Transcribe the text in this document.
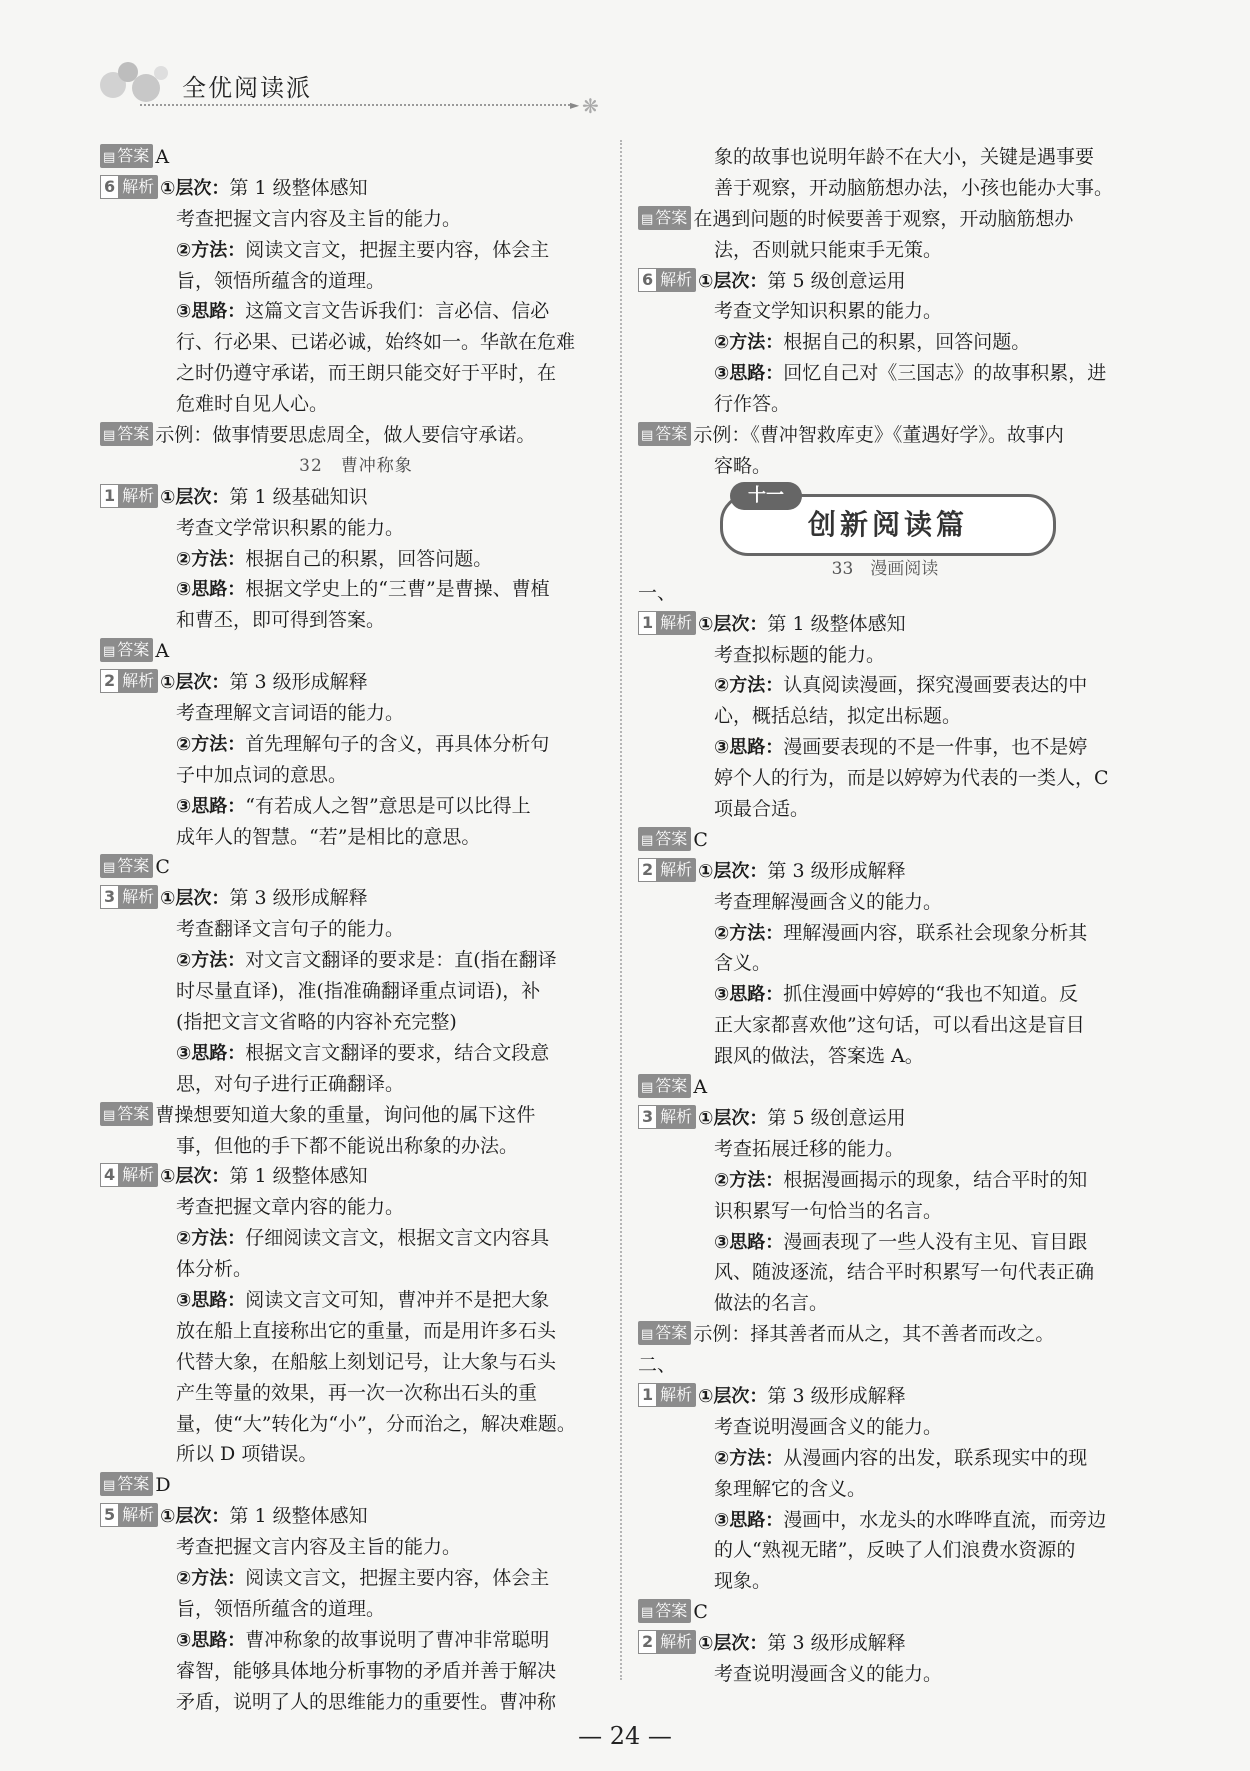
全优阅读派
► ❋
▤ 答案 A
6 解析 ①层次：第 1 级整体感知
考查把握文言内容及主旨的能力。
②方法：阅读文言文，把握主要内容，体会主
旨，领悟所蕴含的道理。
③思路：这篇文言文告诉我们：言必信、信必
行、行必果、已诺必诚，始终如一。华歆在危难
之时仍遵守承诺，而王朗只能交好于平时，在
危难时自见人心。
▤ 答案 示例：做事情要思虑周全，做人要信守承诺。
32 曹冲称象
1 解析 ①层次：第 1 级基础知识
考查文学常识积累的能力。
②方法：根据自己的积累，回答问题。
③思路：根据文学史上的“三曹”是曹操、曹植
和曹丕，即可得到答案。
▤ 答案 A
2 解析 ①层次：第 3 级形成解释
考查理解文言词语的能力。
②方法：首先理解句子的含义，再具体分析句
子中加点词的意思。
③思路：“有若成人之智”意思是可以比得上
成年人的智慧。“若”是相比的意思。
▤ 答案 C
3 解析 ①层次：第 3 级形成解释
考查翻译文言句子的能力。
②方法：对文言文翻译的要求是：直(指在翻译
时尽量直译)，准(指准确翻译重点词语)，补
(指把文言文省略的内容补充完整)
③思路：根据文言文翻译的要求，结合文段意
思，对句子进行正确翻译。
▤ 答案 曹操想要知道大象的重量，询问他的属下这件
事，但他的手下都不能说出称象的办法。
4 解析 ①层次：第 1 级整体感知
考查把握文章内容的能力。
②方法：仔细阅读文言文，根据文言文内容具
体分析。
③思路：阅读文言文可知，曹冲并不是把大象
放在船上直接称出它的重量，而是用许多石头
代替大象，在船舷上刻划记号，让大象与石头
产生等量的效果，再一次一次称出石头的重
量，使“大”转化为“小”，分而治之，解决难题。
所以 D 项错误。
▤ 答案 D
5 解析 ①层次：第 1 级整体感知
考查把握文言内容及主旨的能力。
②方法：阅读文言文，把握主要内容，体会主
旨，领悟所蕴含的道理。
③思路：曹冲称象的故事说明了曹冲非常聪明
睿智，能够具体地分析事物的矛盾并善于解决
矛盾，说明了人的思维能力的重要性。曹冲称
象的故事也说明年龄不在大小，关键是遇事要
善于观察，开动脑筋想办法，小孩也能办大事。
▤ 答案 在遇到问题的时候要善于观察，开动脑筋想办
法，否则就只能束手无策。
6 解析 ①层次：第 5 级创意运用
考查文学知识积累的能力。
②方法：根据自己的积累，回答问题。
③思路：回忆自己对《三国志》的故事积累，进
行作答。
▤ 答案 示例：《曹冲智救库吏》《董遇好学》。故事内
容略。
创新阅读篇
十一
33 漫画阅读
一、
1 解析 ①层次：第 1 级整体感知
考查拟标题的能力。
②方法：认真阅读漫画，探究漫画要表达的中
心，概括总结，拟定出标题。
③思路：漫画要表现的不是一件事，也不是婷
婷个人的行为，而是以婷婷为代表的一类人，C
项最合适。
▤ 答案 C
2 解析 ①层次：第 3 级形成解释
考查理解漫画含义的能力。
②方法：理解漫画内容，联系社会现象分析其
含义。
③思路：抓住漫画中婷婷的“我也不知道。反
正大家都喜欢他”这句话，可以看出这是盲目
跟风的做法，答案选 A。
▤ 答案 A
3 解析 ①层次：第 5 级创意运用
考查拓展迁移的能力。
②方法：根据漫画揭示的现象，结合平时的知
识积累写一句恰当的名言。
③思路：漫画表现了一些人没有主见、盲目跟
风、随波逐流，结合平时积累写一句代表正确
做法的名言。
▤ 答案 示例：择其善者而从之，其不善者而改之。
二、
1 解析 ①层次：第 3 级形成解释
考查说明漫画含义的能力。
②方法：从漫画内容的出发，联系现实中的现
象理解它的含义。
③思路：漫画中，水龙头的水哗哗直流，而旁边
的人“熟视无睹”，反映了人们浪费水资源的
现象。
▤ 答案 C
2 解析 ①层次：第 3 级形成解释
考查说明漫画含义的能力。
— 24 —
